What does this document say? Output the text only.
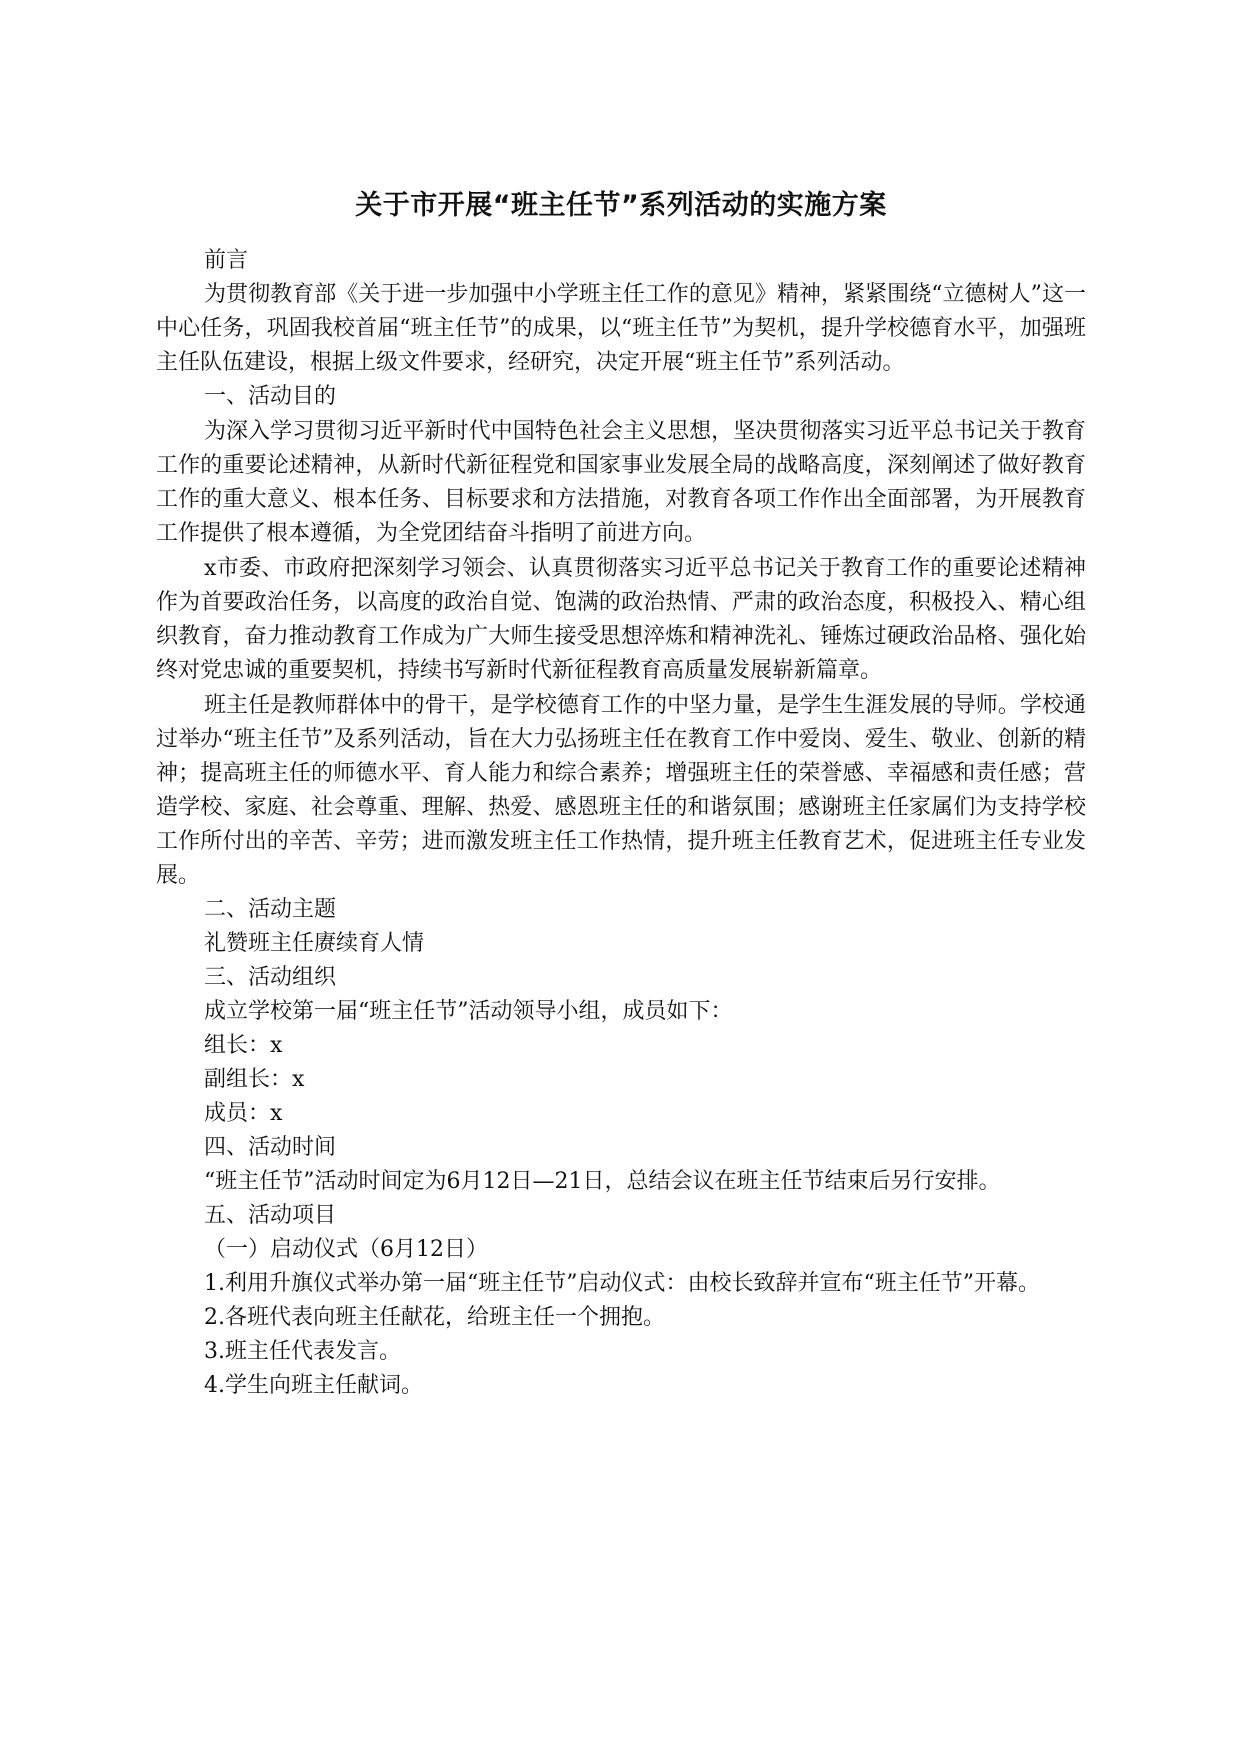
关于市开展“班主任节”系列活动的实施方案

前言

为贯彻教育部《关于进一步加强中小学班主任工作的意见》精神，紧紧围绕“立德树人”这一中心任务，巩固我校首届“班主任节”的成果，以“班主任节”为契机，提升学校德育水平，加强班主任队伍建设，根据上级文件要求，经研究，决定开展“班主任节”系列活动。

一、活动目的

为深入学习贯彻习近平新时代中国特色社会主义思想，坚决贯彻落实习近平总书记关于教育工作的重要论述精神，从新时代新征程党和国家事业发展全局的战略高度，深刻阐述了做好教育工作的重大意义、根本任务、目标要求和方法措施，对教育各项工作作出全面部署，为开展教育工作提供了根本遵循，为全党团结奋斗指明了前进方向。

x市委、市政府把深刻学习领会、认真贯彻落实习近平总书记关于教育工作的重要论述精神作为首要政治任务，以高度的政治自觉、饱满的政治热情、严肃的政治态度，积极投入、精心组织教育，奋力推动教育工作成为广大师生接受思想淬炼和精神洗礼、锤炼过硬政治品格、强化始终对党忠诚的重要契机，持续书写新时代新征程教育高质量发展崭新篇章。

班主任是教师群体中的骨干，是学校德育工作的中坚力量，是学生生涯发展的导师。学校通过举办“班主任节”及系列活动，旨在大力弘扬班主任在教育工作中爱岗、爱生、敬业、创新的精神；提高班主任的师德水平、育人能力和综合素养；增强班主任的荣誉感、幸福感和责任感；营造学校、家庭、社会尊重、理解、热爱、感恩班主任的和谐氛围；感谢班主任家属们为支持学校工作所付出的辛苦、辛劳；进而激发班主任工作热情，提升班主任教育艺术，促进班主任专业发展。

二、活动主题

礼赞班主任赓续育人情

三、活动组织

成立学校第一届“班主任节”活动领导小组，成员如下：

组长：x

副组长：x

成员：x

四、活动时间

“班主任节”活动时间定为6月12日—21日，总结会议在班主任节结束后另行安排。

五、活动项目

（一）启动仪式（6月12日）

1.利用升旗仪式举办第一届“班主任节”启动仪式：由校长致辞并宣布“班主任节”开幕。

2.各班代表向班主任献花，给班主任一个拥抱。

3.班主任代表发言。

4.学生向班主任献词。
